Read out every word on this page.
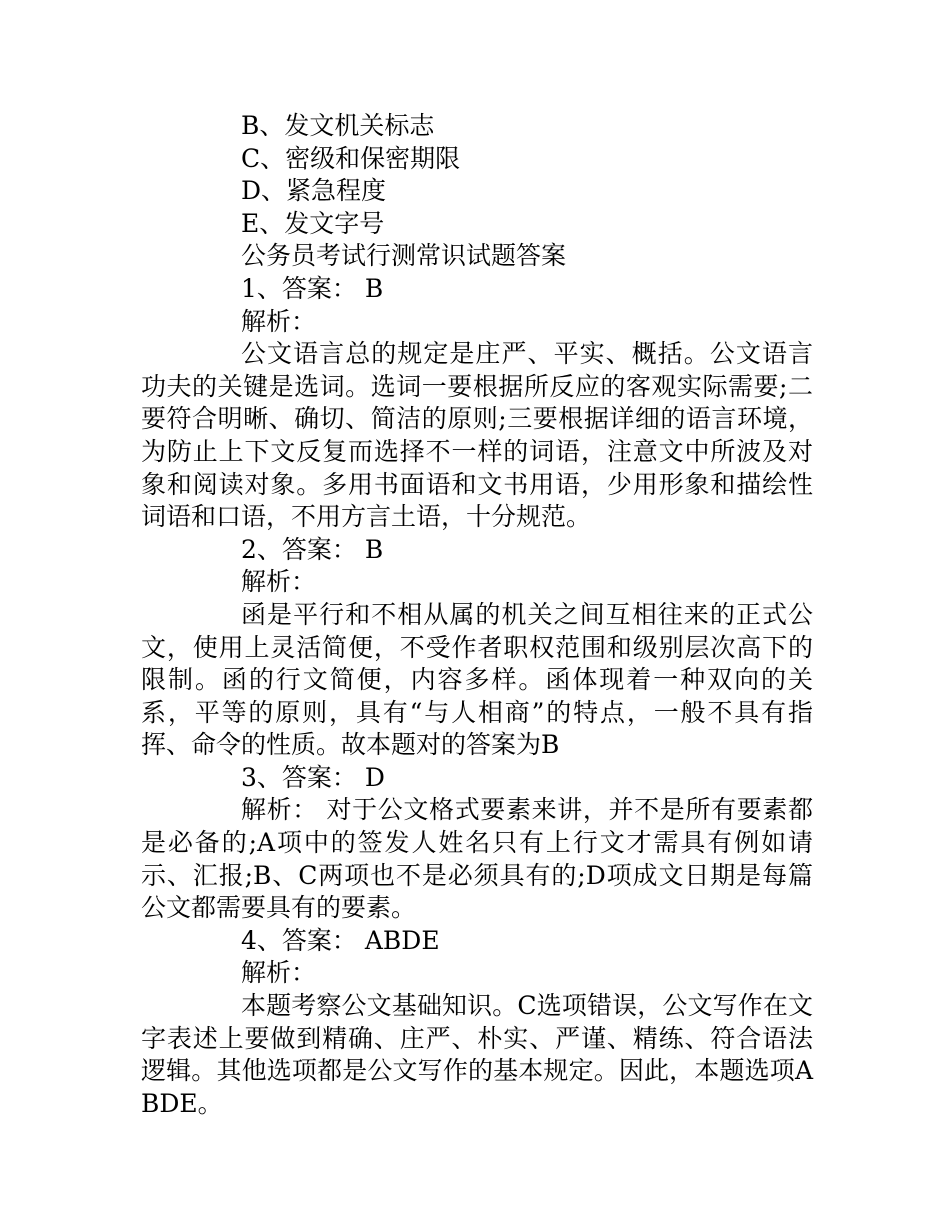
B、发文机关标志

C、密级和保密期限

D、紧急程度

E、发文字号

公务员考试行测常识试题答案

1、答案： B

解析：

公文语言总的规定是庄严、平实、概括。公文语言功夫的关键是选词。选词一要根据所反应的客观实际需要;二要符合明晰、确切、简洁的原则;三要根据详细的语言环境，为防止上下文反复而选择不一样的词语，注意文中所波及对象和阅读对象。多用书面语和文书用语，少用形象和描绘性词语和口语，不用方言土语，十分规范。

2、答案： B

解析：

函是平行和不相从属的机关之间互相往来的正式公文，使用上灵活简便，不受作者职权范围和级别层次高下的限制。函的行文简便，内容多样。函体现着一种双向的关系，平等的原则，具有“与人相商”的特点，一般不具有指挥、命令的性质。故本题对的答案为B

3、答案： D

解析： 对于公文格式要素来讲，并不是所有要素都是必备的;A项中的签发人姓名只有上行文才需具有例如请示、汇报;B、C两项也不是必须具有的;D项成文日期是每篇公文都需要具有的要素。

4、答案： ABDE

解析：

本题考察公文基础知识。C选项错误，公文写作在文字表述上要做到精确、庄严、朴实、严谨、精练、符合语法逻辑。其他选项都是公文写作的基本规定。因此，本题选项ABDE。
